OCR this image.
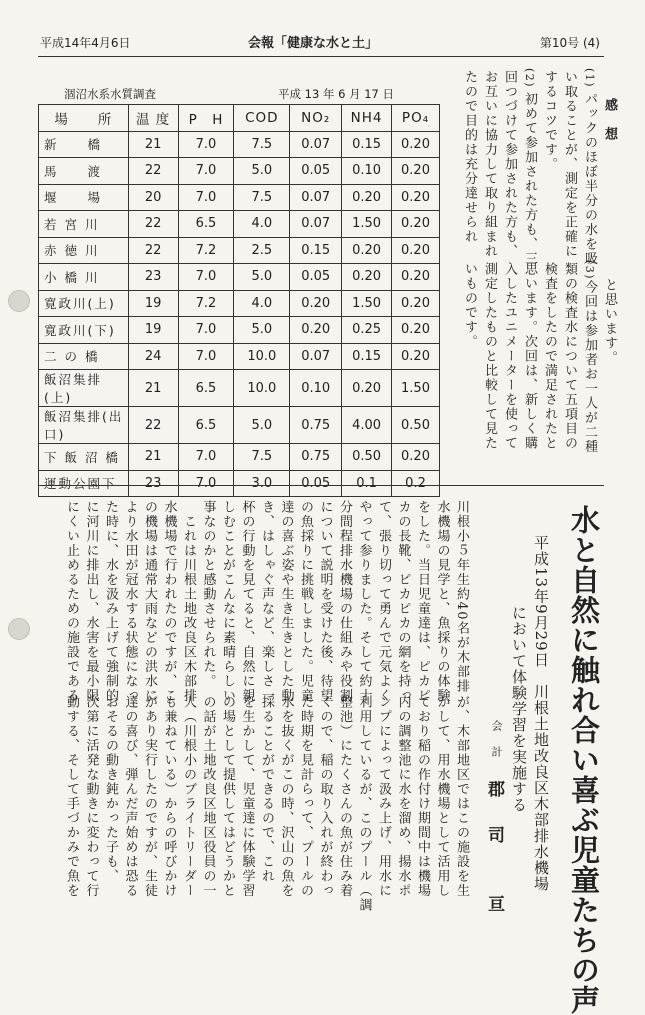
平成14年4月6日	会報「健康な水と土」	第10号 (4)
涸沼水系水質調査	平成 13 年 6 月 17 日
場　　所	温 度	P　H	COD	NO₂	NH4	PO₄
新　　橋	21	7.0	7.5	0.07	0.15	0.20
馬　　渡	22	7.0	5.0	0.05	0.10	0.20
堰　　場	20	7.0	7.5	0.07	0.20	0.20
若 宮 川	22	6.5	4.0	0.07	1.50	0.20
赤 徳 川	22	7.2	2.5	0.15	0.20	0.20
小 橋 川	23	7.0	5.0	0.05	0.20	0.20
寛政川(上)	19	7.2	4.0	0.20	1.50	0.20
寛政川(下)	19	7.0	5.0	0.20	0.25	0.20
二 の 橋	24	7.0	10.0	0.07	0.15	0.20
飯沼集排(上)	21	6.5	10.0	0.10	0.20	1.50
飯沼集排(出口)	22	6.5	5.0	0.75	4.00	0.50
下 飯 沼 橋	21	7.0	7.5	0.75	0.50	0.20
運動公園下	23	7.0	3.0	0.05	0.1	0.2
感　想
(1)
パックのほぼ半分の水を吸
い取ることが、測定を正確に
するコツです。
(2)
初めて参加された方も、三
回つづけて参加された方も、
お互いに協力して取り組まれ
たので目的は充分達せられ
と思います。
(3)
今回は参加者お一人が二種
類の検査水について五項目の
検査をしたので満足されたと
思います。次回は、新しく購
入したユニメーターを使って
測定したものと比較して見た
いものです。
水と自然に触れ合い喜ぶ児童たちの声
平成13年9月29日　川根土地改良区木部排水機場
において体験学習を実施する
会　計
郡　司　　亘
川根小５年生約40名が木部排
水機場の見学と、魚採りの体験
をした。当日児童達は、ピカピ
カの長靴、ピカピカの網を持っ
て、張り切って勇んで元気よく
やって参りました。そして約十
分間程排水機場の仕組みや役割
について説明を受けた後、待望
の魚採りに挑戦しました。児童
達の喜ぶ姿や生き生きとした動
き、はしゃぐ声など、楽しさ一
杯の行動を見てると、自然に親
しむことがこんなに素晴らしい
事なのかと感動させられた。
　これは川根土地改良区木部排
水機場で行われたのですが、こ
の機場は通常大雨などの洪水に
より水田が冠水する状態になっ
た時に、水を汲み上げて強制的
に河川に排出し、水害を最小限
にくい止めるための施設である
が、木部地区ではこの施設を生
かして、用水機場として活用し
ており稲の作付け期間中は機場
内の調整池に水を溜め、揚水ポ
ンプによって汲み上げ、用水に
利用しているが、このプール（調
整池）にたくさんの魚が住み着
くので、稲の取り入れが終わっ
た時期を見計らって、プールの
水を抜くがこの時、沢山の魚を
採ることができるので、これ
を生かして、児童達に体験学習
の場として提供してはどうかと
の話が土地改良区地区役員の一
人（川根小のブライトリーダー
も兼ねている）からの呼びかけ
があり実行したのですが、生徒
達の喜び、弾んだ声始めは恐る
おそるの動き鈍かった子も、
次第に活発な動きに変わって行
動する、そして手づかみで魚を
